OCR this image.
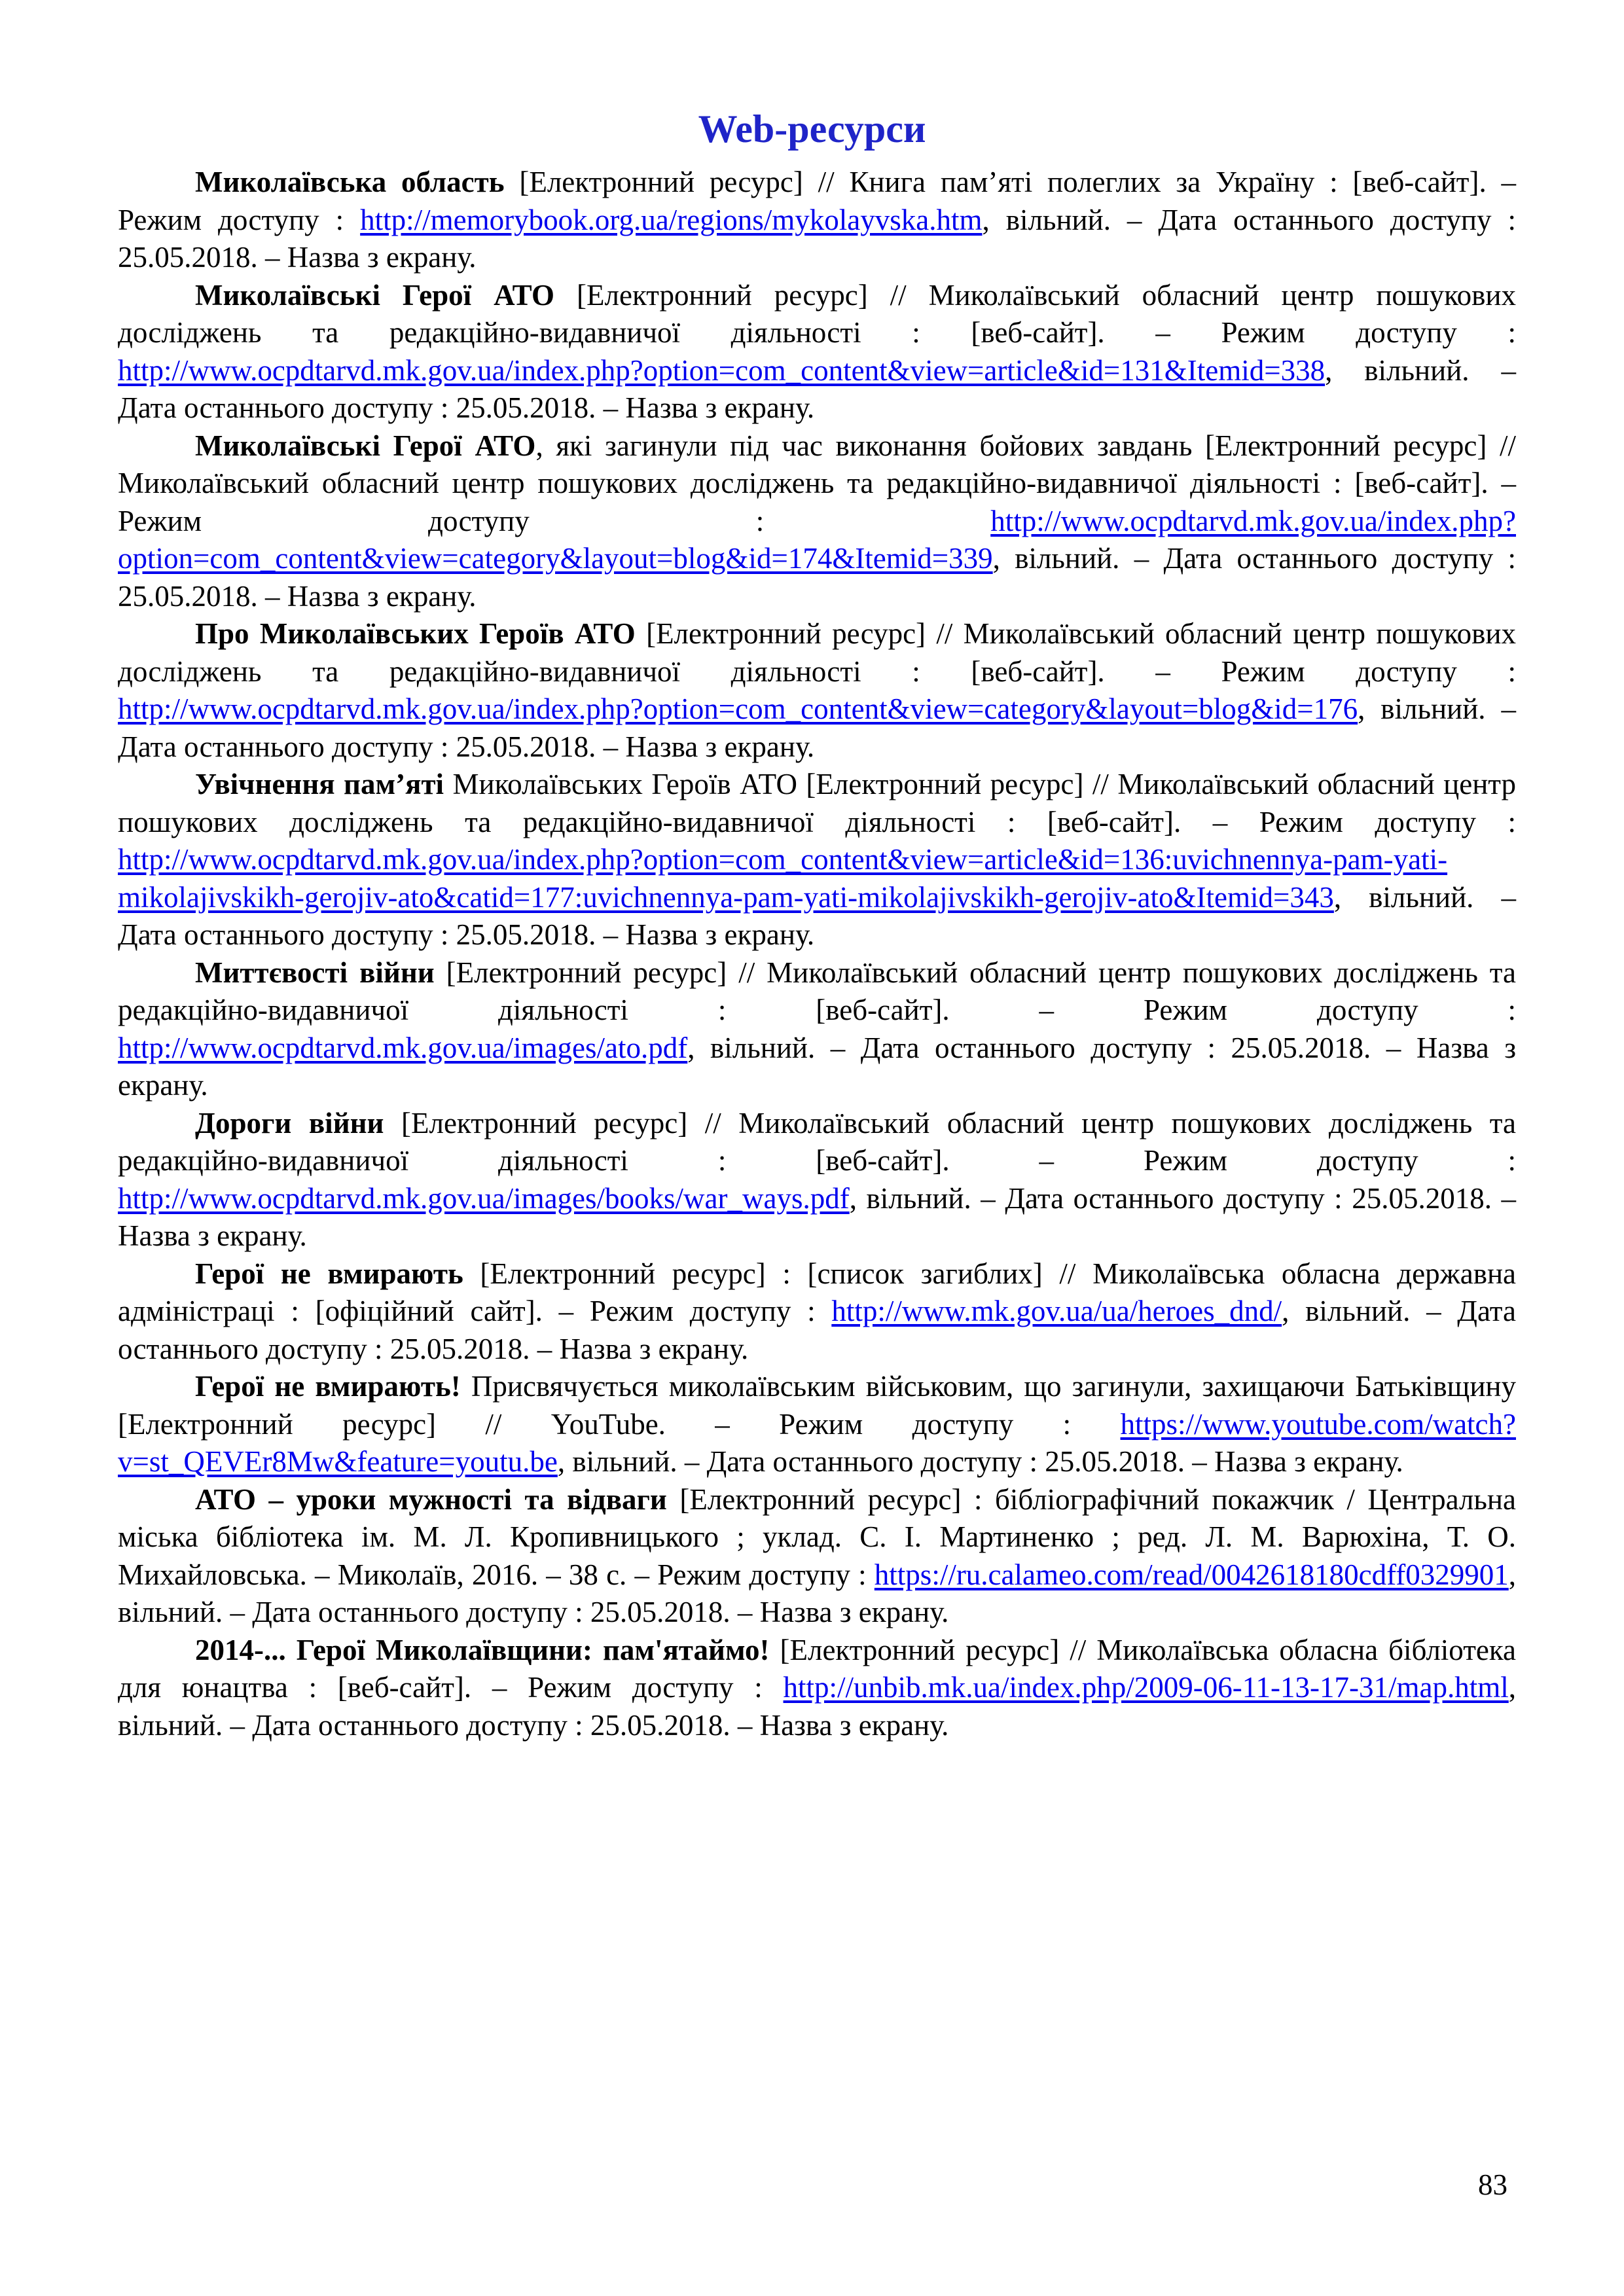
Web-ресурси

Миколаївська область [Електронний ресурс] // Книга пам’яті полеглих за Україну : [веб-сайт]. – Режим доступу : http://memorybook.org.ua/regions/mykolayvska.htm, вільний. – Дата останнього доступу : 25.05.2018. – Назва з екрану.

Миколаївські Герої АТО [Електронний ресурс] // Миколаївський обласний центр пошукових досліджень та редакційно-видавничої діяльності : [веб-сайт]. – Режим доступу : http://www.ocpdtarvd.mk.gov.ua/index.php?option=com_content&view=article&id=131&Itemid=338, вільний. – Дата останнього доступу : 25.05.2018. – Назва з екрану.

Миколаївські Герої АТО, які загинули під час виконання бойових завдань [Електронний ресурс] // Миколаївський обласний центр пошукових досліджень та редакційно-видавничої діяльності : [веб-сайт]. – Режим доступу : http://www.ocpdtarvd.mk.gov.ua/index.php?option=com_content&view=category&layout=blog&id=174&Itemid=339, вільний. – Дата останнього доступу : 25.05.2018. – Назва з екрану.

Про Миколаївських Героїв АТО [Електронний ресурс] // Миколаївський обласний центр пошукових досліджень та редакційно-видавничої діяльності : [веб-сайт]. – Режим доступу : http://www.ocpdtarvd.mk.gov.ua/index.php?option=com_content&view=category&layout=blog&id=176, вільний. – Дата останнього доступу : 25.05.2018. – Назва з екрану.

Увічнення пам’яті Миколаївських Героїв АТО [Електронний ресурс] // Миколаївський обласний центр пошукових досліджень та редакційно-видавничої діяльності : [веб-сайт]. – Режим доступу : http://www.ocpdtarvd.mk.gov.ua/index.php?option=com_content&view=article&id=136:uvichnennya-pam-yati-mikolajivskikh-gerojiv-ato&catid=177:uvichnennya-pam-yati-mikolajivskikh-gerojiv-ato&Itemid=343, вільний. – Дата останнього доступу : 25.05.2018. – Назва з екрану.

Миттєвості війни [Електронний ресурс] // Миколаївський обласний центр пошукових досліджень та редакційно-видавничої діяльності : [веб-сайт]. – Режим доступу : http://www.ocpdtarvd.mk.gov.ua/images/ato.pdf, вільний. – Дата останнього доступу : 25.05.2018. – Назва з екрану.

Дороги війни [Електронний ресурс] // Миколаївський обласний центр пошукових досліджень та редакційно-видавничої діяльності : [веб-сайт]. – Режим доступу : http://www.ocpdtarvd.mk.gov.ua/images/books/war_ways.pdf, вільний. – Дата останнього доступу : 25.05.2018. – Назва з екрану.

Герої не вмирають [Електронний ресурс] : [список загиблих] // Миколаївська обласна державна адміністраці : [офіційний сайт]. – Режим доступу : http://www.mk.gov.ua/ua/heroes_dnd/, вільний. – Дата останнього доступу : 25.05.2018. – Назва з екрану.

Герої не вмирають! Присвячується миколаївським військовим, що загинули, захищаючи Батьківщину [Електронний ресурс] // YouTube. – Режим доступу : https://www.youtube.com/watch?v=st_QEVEr8Mw&feature=youtu.be, вільний. – Дата останнього доступу : 25.05.2018. – Назва з екрану.

АТО – уроки мужності та відваги [Електронний ресурс] : бібліографічний покажчик / Центральна міська бібліотека ім. М. Л. Кропивницького ; уклад. С. І. Мартиненко ; ред. Л. М. Варюхіна, Т. О. Михайловська. – Миколаїв, 2016. – 38 с. – Режим доступу : https://ru.calameo.com/read/0042618180cdff0329901, вільний. – Дата останнього доступу : 25.05.2018. – Назва з екрану.

2014-... Герої Миколаївщини: пам'ятаймо! [Електронний ресурс] // Миколаївська обласна бібліотека для юнацтва : [веб-сайт]. – Режим доступу : http://unbib.mk.ua/index.php/2009-06-11-13-17-31/map.html, вільний. – Дата останнього доступу : 25.05.2018. – Назва з екрану.

83
